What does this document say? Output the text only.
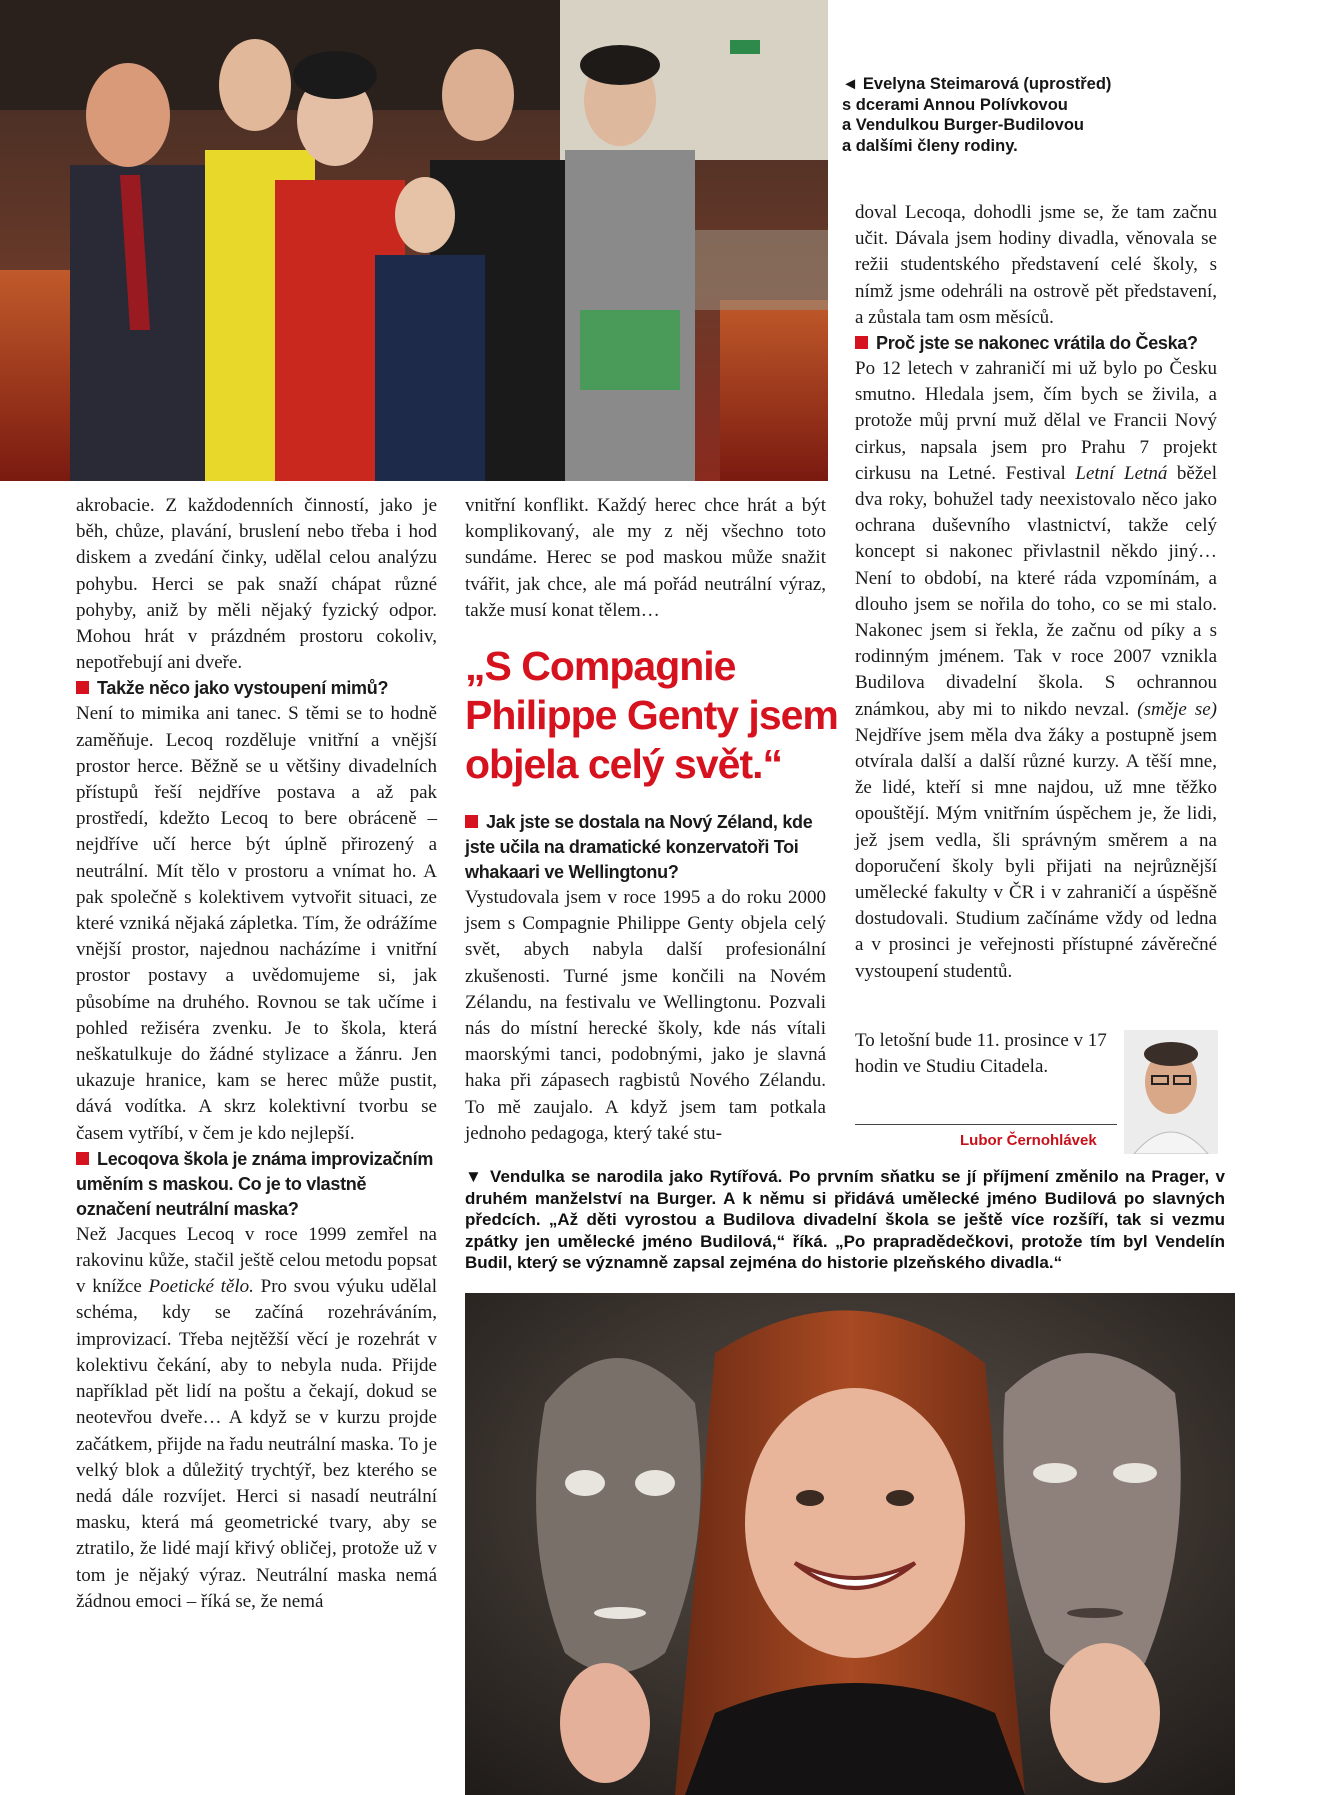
◄ Evelyna Steimarová (uprostřed)
s dcerami Annou Polívkovou
a Vendulkou Burger-Budilovou
a dalšími členy rodiny.

akrobacie. Z každodenních činností, jako je běh, chůze, plavání, bruslení nebo třeba i hod diskem a zvedání činky, udělal celou analýzu pohybu. Herci se pak snaží chápat různé pohyby, aniž by měli nějaký fyzický odpor. Mohou hrát v prázdném prostoru cokoliv, nepotřebují ani dveře.

Takže něco jako vystoupení mimů?

Není to mimika ani tanec. S těmi se to hodně zaměňuje. Lecoq rozděluje vnitřní a vnější prostor herce. Běžně se u většiny divadelních přístupů řeší nejdříve postava a až pak prostředí, kdežto Lecoq to bere obráceně – nejdříve učí herce být úplně přirozený a neutrální. Mít tělo v prostoru a vnímat ho. A pak společně s kolektivem vytvořit situaci, ze které vzniká nějaká zápletka. Tím, že odrážíme vnější prostor, najednou nacházíme i vnitřní prostor postavy a uvědomujeme si, jak působíme na druhého. Rovnou se tak učíme i pohled režiséra zvenku. Je to škola, která neškatulkuje do žádné stylizace a žánru. Jen ukazuje hranice, kam se herec může pustit, dává vodítka. A skrz kolektivní tvorbu se časem vytříbí, v čem je kdo nejlepší.

Lecoqova škola je známa improvizačním uměním s maskou. Co je to vlastně označení neutrální maska?

Než Jacques Lecoq v roce 1999 zemřel na rakovinu kůže, stačil ještě celou metodu popsat v knížce Poetické tělo. Pro svou výuku udělal schéma, kdy se začíná rozehráváním, improvizací. Třeba nejtěžší věcí je rozehrát v kolektivu čekání, aby to nebyla nuda. Přijde například pět lidí na poštu a čekají, dokud se neotevřou dveře… A když se v kurzu projde začátkem, přijde na řadu neutrální maska. To je velký blok a důležitý trychtýř, bez kterého se nedá dále rozvíjet. Herci si nasadí neutrální masku, která má geometrické tvary, aby se ztratilo, že lidé mají křivý obličej, protože už v tom je nějaký výraz. Neutrální maska nemá žádnou emoci – říká se, že nemá

vnitřní konflikt. Každý herec chce hrát a být komplikovaný, ale my z něj všechno toto sundáme. Herec se pod maskou může snažit tvářit, jak chce, ale má pořád neutrální výraz, takže musí konat tělem…

„S Compagnie
Philippe Genty jsem
objela celý svět.“

Jak jste se dostala na Nový Zéland, kde jste učila na dramatické konzervatoři Toi whakaari ve Wellingtonu?

Vystudovala jsem v roce 1995 a do roku 2000 jsem s Compagnie Philippe Genty objela celý svět, abych nabyla další profesionální zkušenosti. Turné jsme končili na Novém Zélandu, na festivalu ve Wellingtonu. Pozvali nás do místní herecké školy, kde nás vítali maorskými tanci, podobnými, jako je slavná haka při zápasech ragbistů Nového Zélandu. To mě zaujalo. A když jsem tam potkala jednoho pedagoga, který také stu-

doval Lecoqa, dohodli jsme se, že tam začnu učit. Dávala jsem hodiny divadla, věnovala se režii studentského představení celé školy, s nímž jsme odehráli na ostrově pět představení, a zůstala tam osm měsíců.

Proč jste se nakonec vrátila do Česka?

Po 12 letech v zahraničí mi už bylo po Česku smutno. Hledala jsem, čím bych se živila, a protože můj první muž dělal ve Francii Nový cirkus, napsala jsem pro Prahu 7 projekt cirkusu na Letné. Festival Letní Letná běžel dva roky, bohužel tady neexistovalo něco jako ochrana duševního vlastnictví, takže celý koncept si nakonec přivlastnil někdo jiný… Není to období, na které ráda vzpomínám, a dlouho jsem se nořila do toho, co se mi stalo. Nakonec jsem si řekla, že začnu od píky a s rodinným jménem. Tak v roce 2007 vznikla Budilova divadelní škola. S ochrannou známkou, aby mi to nikdo nevzal. (směje se) Nejdříve jsem měla dva žáky a postupně jsem otvírala další a další různé kurzy. A těší mne, že lidé, kteří si mne najdou, už mne těžko opouštějí. Mým vnitřním úspěchem je, že lidi, jež jsem vedla, šli správným směrem a na doporučení školy byli přijati na nejrůznější umělecké fakulty v ČR i v zahraničí a úspěšně dostudovali. Studium začínáme vždy od ledna a v prosinci je veřejnosti přístupné závěrečné vystoupení studentů.

To letošní bude 11. prosince v 17 hodin ve Studiu Citadela.

Lubor Černohlávek
▼ Vendulka se narodila jako Rytířová. Po prvním sňatku se jí příjmení změnilo na Prager, v druhém manželství na Burger. A k němu si přidává umělecké jméno Budilová po slavných předcích. „Až děti vyrostou a Budilova divadelní škola se ještě více rozšíří, tak si vezmu zpátky jen umělecké jméno Budilová,“ říká. „Po prapradědečkovi, protože tím byl Vendelín Budil, který se významně zapsal zejména do historie plzeňského divadla.“
